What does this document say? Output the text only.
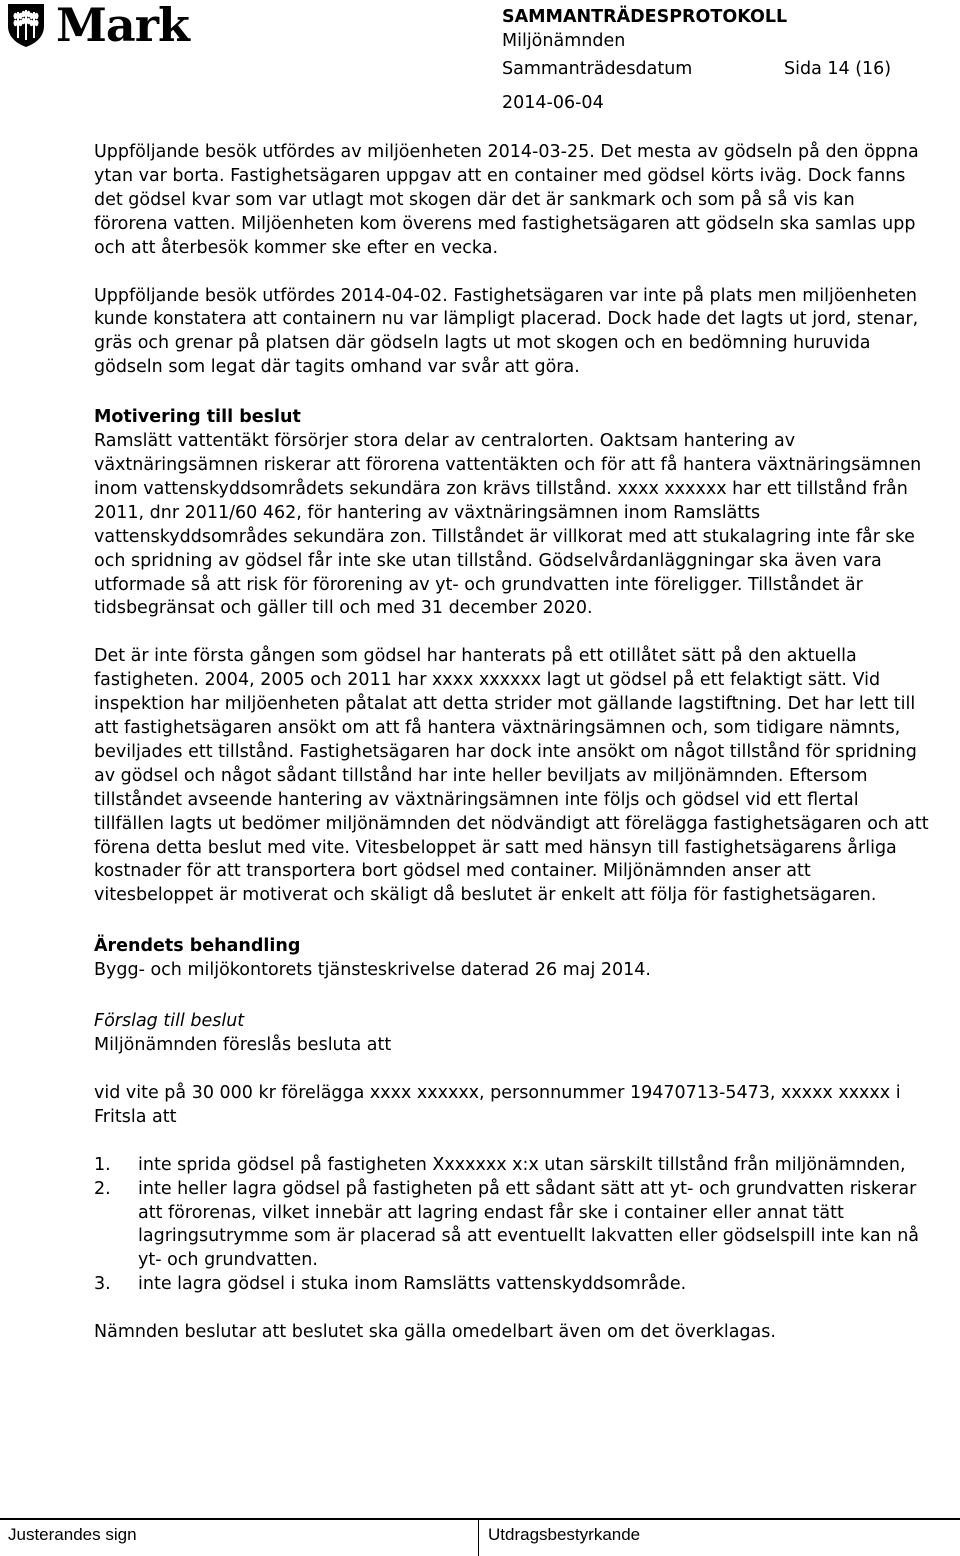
Mark	SAMMANTRÄDESPROTOKOLL
Miljönämnden
Sammanträdesdatum	Sida 14 (16)
2014-06-04

Uppföljande besök utfördes av miljöenheten 2014-03-25. Det mesta av gödseln på den öppna ytan var borta. Fastighetsägaren uppgav att en container med gödsel körts iväg. Dock fanns det gödsel kvar som var utlagt mot skogen där det är sankmark och som på så vis kan förorena vatten. Miljöenheten kom överens med fastighetsägaren att gödseln ska samlas upp och att återbesök kommer ske efter en vecka.

Uppföljande besök utfördes 2014-04-02. Fastighetsägaren var inte på plats men miljöenheten kunde konstatera att containern nu var lämpligt placerad. Dock hade det lagts ut jord, stenar, gräs och grenar på platsen där gödseln lagts ut mot skogen och en bedömning huruvida gödseln som legat där tagits omhand var svår att göra.

Motivering till beslut

Ramslätt vattentäkt försörjer stora delar av centralorten. Oaktsam hantering av växtnäringsämnen riskerar att förorena vattentäkten och för att få hantera växtnäringsämnen inom vattenskyddsområdets sekundära zon krävs tillstånd. xxxx xxxxxx har ett tillstånd från 2011, dnr 2011/60 462, för hantering av växtnäringsämnen inom Ramslätts vattenskyddsområdes sekundära zon. Tillståndet är villkorat med att stukalagring inte får ske och spridning av gödsel får inte ske utan tillstånd. Gödselvårdanläggningar ska även vara utformade så att risk för förorening av yt- och grundvatten inte föreligger. Tillståndet är tidsbegränsat och gäller till och med 31 december 2020.

Det är inte första gången som gödsel har hanterats på ett otillåtet sätt på den aktuella fastigheten. 2004, 2005 och 2011 har xxxx xxxxxx lagt ut gödsel på ett felaktigt sätt. Vid inspektion har miljöenheten påtalat att detta strider mot gällande lagstiftning. Det har lett till att fastighetsägaren ansökt om att få hantera växtnäringsämnen och, som tidigare nämnts, beviljades ett tillstånd. Fastighetsägaren har dock inte ansökt om något tillstånd för spridning av gödsel och något sådant tillstånd har inte heller beviljats av miljönämnden. Eftersom tillståndet avseende hantering av växtnäringsämnen inte följs och gödsel vid ett flertal tillfällen lagts ut bedömer miljönämnden det nödvändigt att förelägga fastighetsägaren och att förena detta beslut med vite. Vitesbeloppet är satt med hänsyn till fastighetsägarens årliga kostnader för att transportera bort gödsel med container. Miljönämnden anser att vitesbeloppet är motiverat och skäligt då beslutet är enkelt att följa för fastighetsägaren.

Ärendets behandling

Bygg- och miljökontorets tjänsteskrivelse daterad 26 maj 2014.

Förslag till beslut

Miljönämnden föreslås besluta att

vid vite på 30 000 kr förelägga xxxx xxxxxx, personnummer 19470713-5473, xxxxx xxxxx i Fritsla att

1.	inte sprida gödsel på fastigheten Xxxxxxx x:x utan särskilt tillstånd från miljönämnden,
2.	inte heller lagra gödsel på fastigheten på ett sådant sätt att yt- och grundvatten riskerar att förorenas, vilket innebär att lagring endast får ske i container eller annat tätt lagringsutrymme som är placerad så att eventuellt lakvatten eller gödselspill inte kan nå yt- och grundvatten.
3.	inte lagra gödsel i stuka inom Ramslätts vattenskyddsområde.

Nämnden beslutar att beslutet ska gälla omedelbart även om det överklagas.

Justerandes sign	Utdragsbestyrkande
